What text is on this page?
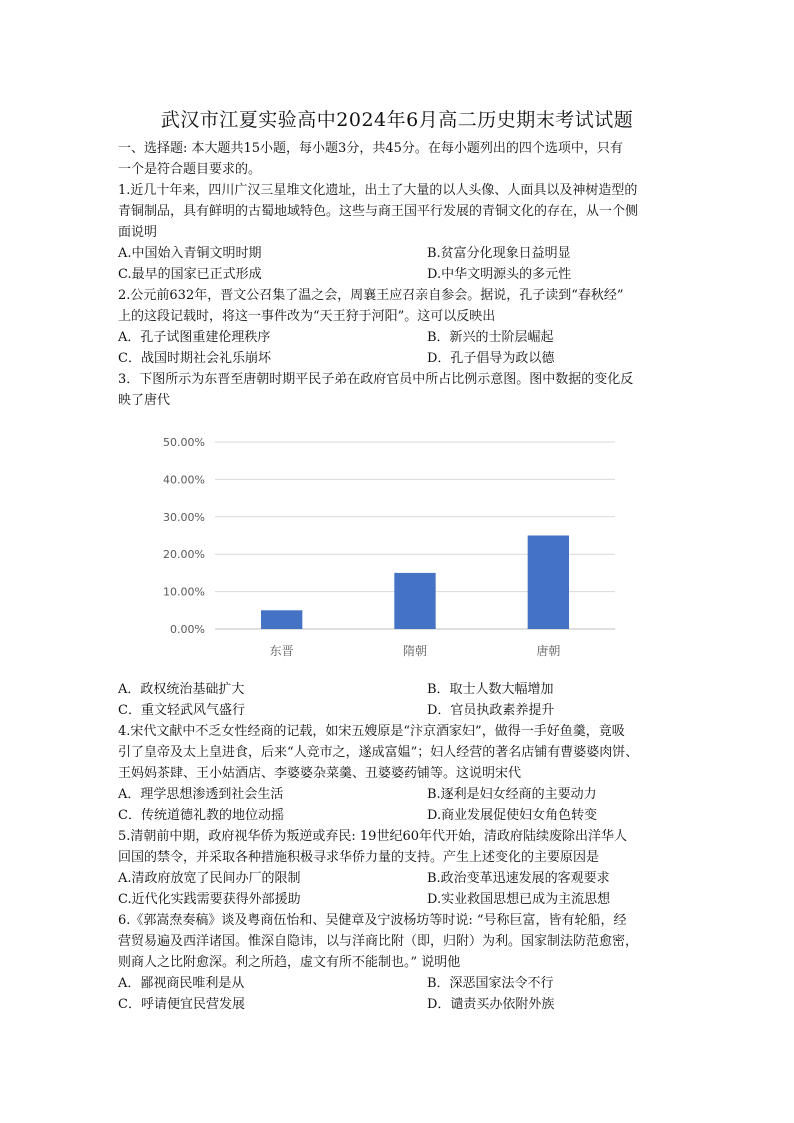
武汉市江夏实验高中2024年6月高二历史期末考试试题
一、选择题: 本大题共15小题，每小题3分，共45分。在每小题列出的四个选项中，只有
一个是符合题目要求的。
1.近几十年来，四川广汉三星堆文化遗址，出土了大量的以人头像、人面具以及神树造型的
青铜制品，具有鲜明的古蜀地域特色。这些与商王国平行发展的青铜文化的存在，从一个侧
面说明
A.中国始入青铜文明时期	B.贫富分化现象日益明显
C.最早的国家已正式形成	D.中华文明源头的多元性
2.公元前632年，晋文公召集了温之会，周襄王应召亲自参会。据说，孔子读到“春秋经”
上的这段记载时，将这一事件改为“天王狩于河阳”。这可以反映出
A．孔子试图重建伦理秩序	B．新兴的士阶层崛起
C．战国时期社会礼乐崩坏	D．孔子倡导为政以德
3．下图所示为东晋至唐朝时期平民子弟在政府官员中所占比例示意图。图中数据的变化反
映了唐代
0.00%
10.00%
20.00%
30.00%
40.00%
50.00%
东晋	隋朝	唐朝
A．政权统治基础扩大	B．取士人数大幅增加
C．重文轻武风气盛行	D．官员执政素养提升
4.宋代文献中不乏女性经商的记载，如宋五嫂原是“汴京酒家妇”，做得一手好鱼羹，竟吸
引了皇帝及太上皇进食，后来“人竞市之，遂成富媪”；妇人经营的著名店铺有曹婆婆肉饼、
王妈妈茶肆、王小姑酒店、李婆婆杂菜羹、丑婆婆药铺等。这说明宋代
A．理学思想渗透到社会生活	B.逐利是妇女经商的主要动力
C．传统道德礼教的地位动摇	D.商业发展促使妇女角色转变
5.清朝前中期，政府视华侨为叛逆或弃民: 19世纪60年代开始，清政府陆续废除出洋华人
回国的禁令，并采取各种措施积极寻求华侨力量的支持。产生上述变化的主要原因是
A.清政府放宽了民间办厂的限制	B.政治变革迅速发展的客观要求
C.近代化实践需要获得外部援助	D.实业救国思想已成为主流思想
6.《郭嵩焘奏稿》谈及粤商伍怡和、吴健章及宁波杨坊等时说: “号称巨富，皆有轮船，经
营贸易遍及西洋诸国。惟深自隐讳，以与洋商比附（即，归附）为利。国家制法防范愈密，
则商人之比附愈深。利之所趋，虚文有所不能制也。” 说明他
A．鄙视商民唯利是从	B．深恶国家法令不行
C．呼请便宜民营发展	D．谴责买办依附外族
